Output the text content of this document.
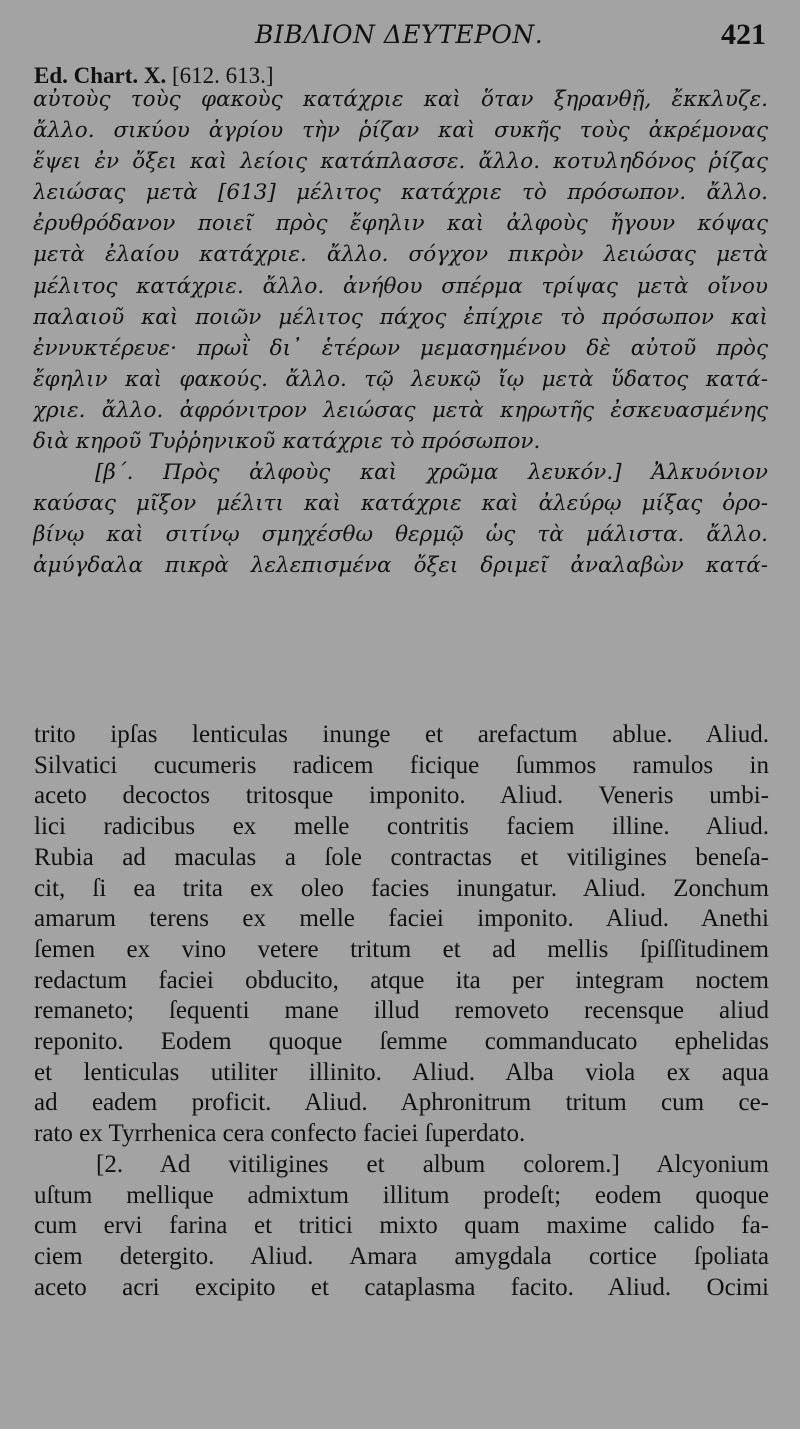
ΒΙΒΛΙΟΝ ΔΕΥΤΕΡΟΝ.	421
Ed. Chart. X. [612. 613.]
αὐτοὺς τοὺς φακοὺς κατάχριε καὶ ὅταν ξηρανθῇ, ἔκκλυζε.
ἄλλο. σικύου ἀγρίου τὴν ῥίζαν καὶ συκῆς τοὺς ἀκρέμονας
ἕψει ἐν ὄξει καὶ λείοις κατάπλασσε. ἄλλο. κοτυληδόνος ῥίζας
λειώσας μετὰ [613] μέλιτος κατάχριε τὸ πρόσωπον. ἄλλο.
ἐρυθρόδανον ποιεῖ πρὸς ἔφηλιν καὶ ἀλφοὺς ἤγουν κόψας
μετὰ ἐλαίου κατάχριε. ἄλλο. σόγχον πικρὸν λειώσας μετὰ
μέλιτος κατάχριε. ἄλλο. ἀνήθου σπέρμα τρίψας μετὰ οἴνου
παλαιοῦ καὶ ποιῶν μέλιτος πάχος ἐπίχριε τὸ πρόσωπον καὶ
ἐννυκτέρευε· πρωῒ δι᾽ ἑτέρων μεμασημένου δὲ αὐτοῦ πρὸς
ἔφηλιν καὶ φακούς. ἄλλο. τῷ λευκῷ ἴῳ μετὰ ὕδατος κατά-
χριε. ἄλλο. ἀφρόνιτρον λειώσας μετὰ κηρωτῆς ἐσκευασμένης
διὰ κηροῦ Τυῤῥηνικοῦ κατάχριε τὸ πρόσωπον.
[β΄. Πρὸς ἀλφοὺς καὶ χρῶμα λευκόν.] Ἀλκυόνιον
καύσας μῖξον μέλιτι καὶ κατάχριε καὶ ἀλεύρῳ μίξας ὀρο-
βίνῳ καὶ σιτίνῳ σμηχέσθω θερμῷ ὡς τὰ μάλιστα. ἄλλο.
ἀμύγδαλα πικρὰ λελεπισμένα ὄξει δριμεῖ ἀναλαβὼν κατά-
trito ipſas lenticulas inunge et arefactum ablue. Aliud.
Silvatici cucumeris radicem ficique ſummos ramulos in
aceto decoctos tritosque imponito. Aliud. Veneris umbi-
lici radicibus ex melle contritis faciem illine. Aliud.
Rubia ad maculas a ſole contractas et vitiligines beneſa-
cit, ſi ea trita ex oleo facies inungatur. Aliud. Zonchum
amarum terens ex melle faciei imponito. Aliud. Anethi
ſemen ex vino vetere tritum et ad mellis ſpiſſitudinem
redactum faciei obducito, atque ita per integram noctem
remaneto; ſequenti mane illud removeto recensque aliud
reponito. Eodem quoque ſemme commanducato ephelidas
et lenticulas utiliter illinito. Aliud. Alba viola ex aqua
ad eadem proficit. Aliud. Aphronitrum tritum cum ce-
rato ex Tyrrhenica cera confecto faciei ſuperdato.
[2. Ad vitiligines et album colorem.] Alcyonium
uſtum mellique admixtum illitum prodeſt; eodem quoque
cum ervi farina et tritici mixto quam maxime calido fa-
ciem detergito. Aliud. Amara amygdala cortice ſpoliata
aceto acri excipito et cataplasma facito. Aliud. Ocimi
